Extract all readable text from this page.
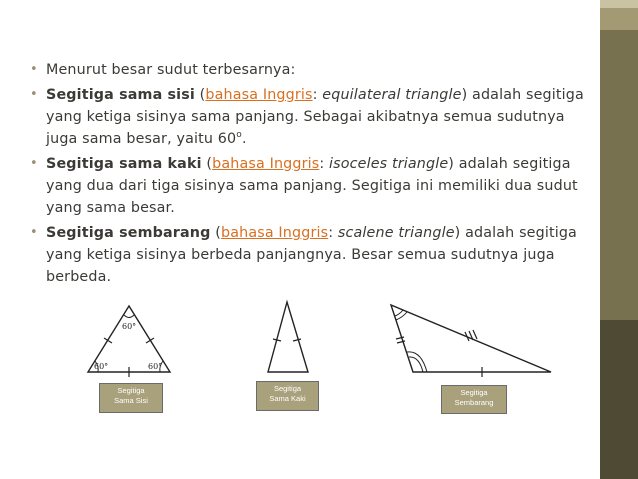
• Menurut besar sudut terbesarnya:
• Segitiga sama sisi (bahasa Inggris: equilateral triangle) adalah segitiga yang ketiga sisinya sama panjang. Sebagai akibatnya semua sudutnya juga sama besar, yaitu 60$^o$.
• Segitiga sama kaki (bahasa Inggris: isoceles triangle) adalah segitiga yang dua dari tiga sisinya sama panjang. Segitiga ini memiliki dua sudut yang sama besar.
• Segitiga sembarang (bahasa Inggris: scalene triangle) adalah segitiga yang ketiga sisinya berbeda panjangnya. Besar semua sudutnya juga berbeda.
60°
60°	60°
Segitiga
Sama Sisi
Segitiga
Sama Kaki
Segitiga
Sembarang
